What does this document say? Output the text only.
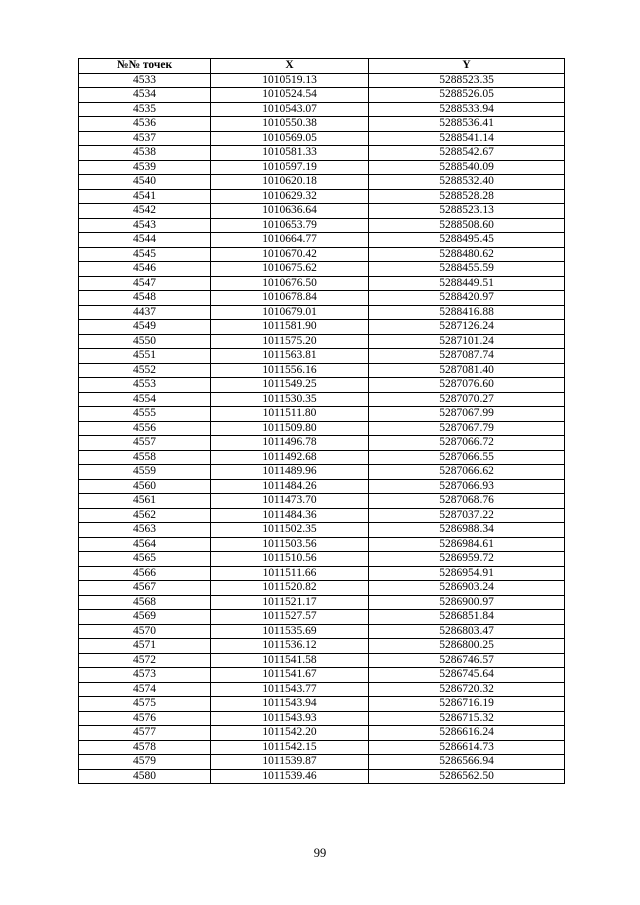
№№ точек	X	Y
4533	1010519.13	5288523.35
4534	1010524.54	5288526.05
4535	1010543.07	5288533.94
4536	1010550.38	5288536.41
4537	1010569.05	5288541.14
4538	1010581.33	5288542.67
4539	1010597.19	5288540.09
4540	1010620.18	5288532.40
4541	1010629.32	5288528.28
4542	1010636.64	5288523.13
4543	1010653.79	5288508.60
4544	1010664.77	5288495.45
4545	1010670.42	5288480.62
4546	1010675.62	5288455.59
4547	1010676.50	5288449.51
4548	1010678.84	5288420.97
4437	1010679.01	5288416.88
4549	1011581.90	5287126.24
4550	1011575.20	5287101.24
4551	1011563.81	5287087.74
4552	1011556.16	5287081.40
4553	1011549.25	5287076.60
4554	1011530.35	5287070.27
4555	1011511.80	5287067.99
4556	1011509.80	5287067.79
4557	1011496.78	5287066.72
4558	1011492.68	5287066.55
4559	1011489.96	5287066.62
4560	1011484.26	5287066.93
4561	1011473.70	5287068.76
4562	1011484.36	5287037.22
4563	1011502.35	5286988.34
4564	1011503.56	5286984.61
4565	1011510.56	5286959.72
4566	1011511.66	5286954.91
4567	1011520.82	5286903.24
4568	1011521.17	5286900.97
4569	1011527.57	5286851.84
4570	1011535.69	5286803.47
4571	1011536.12	5286800.25
4572	1011541.58	5286746.57
4573	1011541.67	5286745.64
4574	1011543.77	5286720.32
4575	1011543.94	5286716.19
4576	1011543.93	5286715.32
4577	1011542.20	5286616.24
4578	1011542.15	5286614.73
4579	1011539.87	5286566.94
4580	1011539.46	5286562.50
99
